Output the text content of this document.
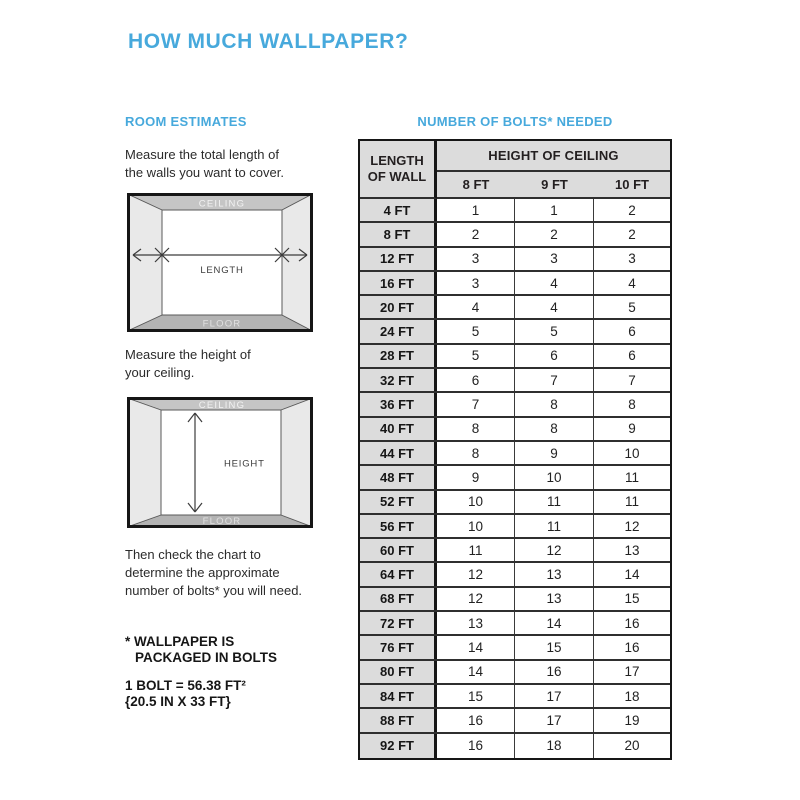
HOW MUCH WALLPAPER?
ROOM ESTIMATES
Measure the total length of
the walls you want to cover.
CEILING
FLOOR
LENGTH
Measure the height of
your ceiling.
CEILING
FLOOR
HEIGHT
Then check the chart to
determine the approximate
number of bolts* you will need.
* WALLPAPER IS
PACKAGED IN BOLTS
1 BOLT = 56.38 FT²
{20.5 IN X 33 FT}
NUMBER OF BOLTS* NEEDED
LENGTH
OF WALL
HEIGHT OF CEILING
8 FT	9 FT	10 FT
4 FT	1	1	2
8 FT	2	2	2
12 FT	3	3	3
16 FT	3	4	4
20 FT	4	4	5
24 FT	5	5	6
28 FT	5	6	6
32 FT	6	7	7
36 FT	7	8	8
40 FT	8	8	9
44 FT	8	9	10
48 FT	9	10	11
52 FT	10	11	11
56 FT	10	11	12
60 FT	11	12	13
64 FT	12	13	14
68 FT	12	13	15
72 FT	13	14	16
76 FT	14	15	16
80 FT	14	16	17
84 FT	15	17	18
88 FT	16	17	19
92 FT	16	18	20
